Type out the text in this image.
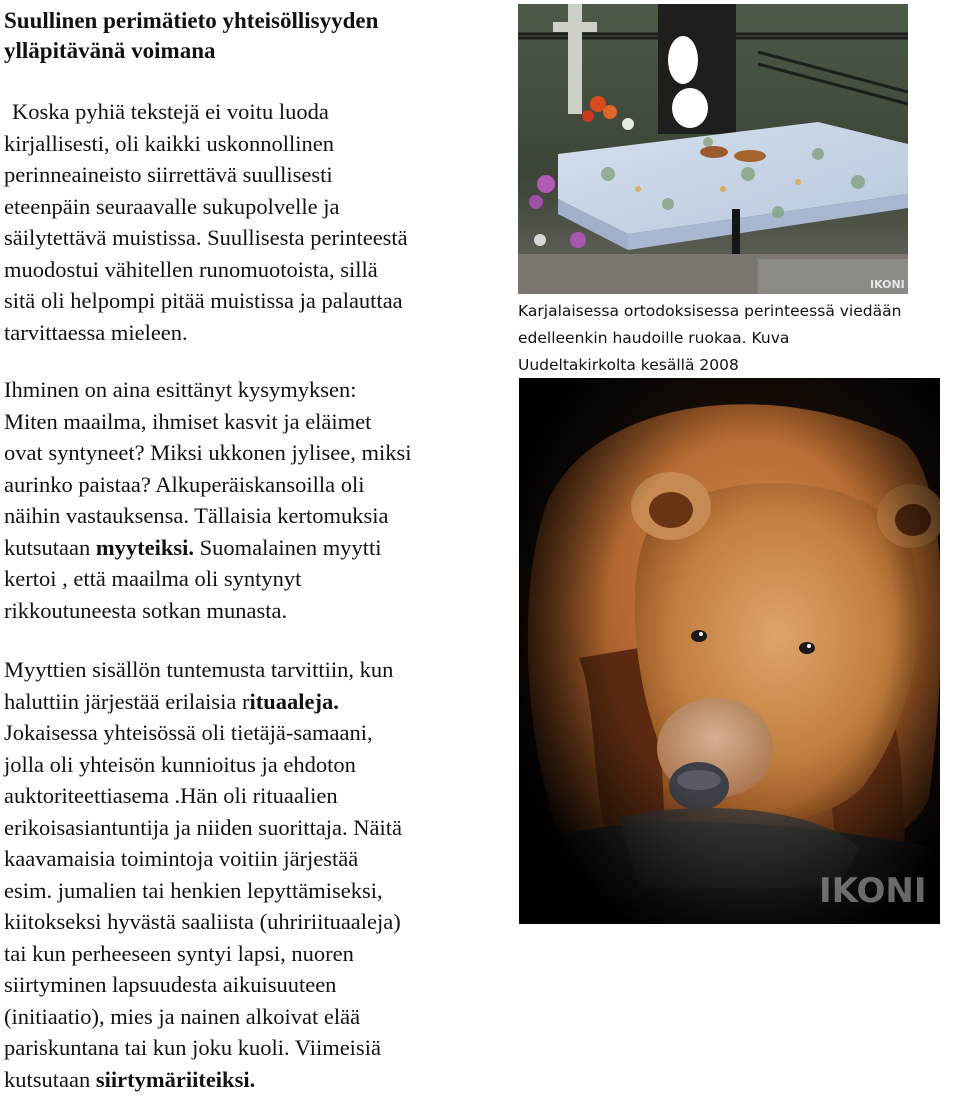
Suullinen perimätieto yhteisöllisyyden
ylläpitävänä voimana

Koska pyhiä tekstejä ei voitu luoda
kirjallisesti, oli kaikki uskonnollinen
perinneaineisto siirrettävä suullisesti
eteenpäin seuraavalle sukupolvelle ja
säilytettävä muistissa. Suullisesta perinteestä
muodostui vähitellen runomuotoista, sillä
sitä oli helpompi pitää muistissa ja palauttaa
tarvittaessa mieleen.

Ihminen on aina esittänyt kysymyksen:
Miten maailma, ihmiset kasvit ja eläimet
ovat syntyneet? Miksi ukkonen jylisee, miksi
aurinko paistaa? Alkuperäiskansoilla oli
näihin vastauksensa. Tällaisia kertomuksia
kutsutaan myyteiksi. Suomalainen myytti
kertoi , että maailma oli syntynyt
rikkoutuneesta sotkan munasta.

Myyttien sisällön tuntemusta tarvittiin, kun
haluttiin järjestää erilaisia rituaaleja.
Jokaisessa yhteisössä oli tietäjä-samaani,
jolla oli yhteisön kunnioitus ja ehdoton
auktoriteettiasema .Hän oli rituaalien
erikoisasiantuntija ja niiden suorittaja. Näitä
kaavamaisia toimintoja voitiin järjestää
esim. jumalien tai henkien lepyttämiseksi,
kiitokseksi hyvästä saaliista (uhririituaaleja)
tai kun perheeseen syntyi lapsi, nuoren
siirtyminen lapsuudesta aikuisuuteen
(initiaatio), mies ja nainen alkoivat elää
pariskuntana tai kun joku kuoli. Viimeisiä
kutsutaan siirtymäriiteiksi.

IKONI
Karjalaisessa ortodoksisessa perinteessä viedään
edelleenkin haudoille ruokaa. Kuva
Uudeltakirkolta kesällä 2008
IKONI
